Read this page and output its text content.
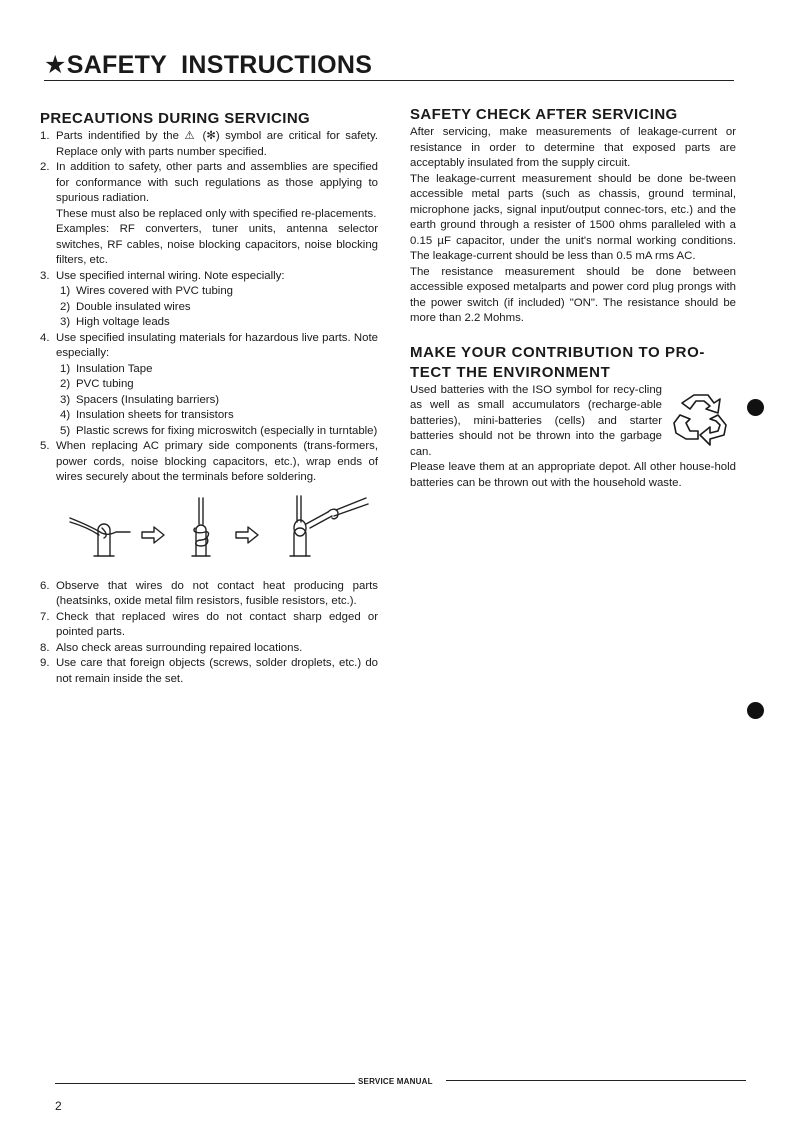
★SAFETY INSTRUCTIONS
PRECAUTIONS DURING SERVICING
1. Parts indentified by the ⚠ (✻) symbol are critical for safety. Replace only with parts number specified.
2. In addition to safety, other parts and assemblies are specified for conformance with such regulations as those applying to spurious radiation.
These must also be replaced only with specified re-placements.
Examples: RF converters, tuner units, antenna selector switches, RF cables, noise blocking capacitors, noise blocking filters, etc.
3. Use specified internal wiring. Note especially:
1) Wires covered with PVC tubing
2) Double insulated wires
3) High voltage leads
4. Use specified insulating materials for hazardous live parts. Note especially:
1) Insulation Tape
2) PVC tubing
3) Spacers (Insulating barriers)
4) Insulation sheets for transistors
5) Plastic screws for fixing microswitch (especially in turntable)
5. When replacing AC primary side components (trans-formers, power cords, noise blocking capacitors, etc.), wrap ends of wires securely about the terminals before soldering.
6. Observe that wires do not contact heat producing parts (heatsinks, oxide metal film resistors, fusible resistors, etc.).
7. Check that replaced wires do not contact sharp edged or pointed parts.
8. Also check areas surrounding repaired locations.
9. Use care that foreign objects (screws, solder droplets, etc.) do not remain inside the set.
SAFETY CHECK AFTER SERVICING
After servicing, make measurements of leakage-current or resistance in order to determine that exposed parts are acceptably insulated from the supply circuit.
The leakage-current measurement should be done be-tween accessible metal parts (such as chassis, ground terminal, microphone jacks, signal input/output connec-tors, etc.) and the earth ground through a resister of 1500 ohms paralleled with a 0.15 µF capacitor, under the unit's normal working conditions. The leakage-current should be less than 0.5 mA rms AC.
The resistance measurement should be done between accessible exposed metalparts and power cord plug prongs with the power switch (if included) "ON". The resistance should be more than 2.2 Mohms.
MAKE YOUR CONTRIBUTION TO PRO-
TECT THE ENVIRONMENT
Used batteries with the ISO symbol for recy-cling as well as small accumulators (recharge-able batteries), mini-batteries (cells) and starter batteries should not be thrown into the garbage can.
Please leave them at an appropriate depot. All other house-hold batteries can be thrown out with the household waste.
SERVICE MANUAL
2
